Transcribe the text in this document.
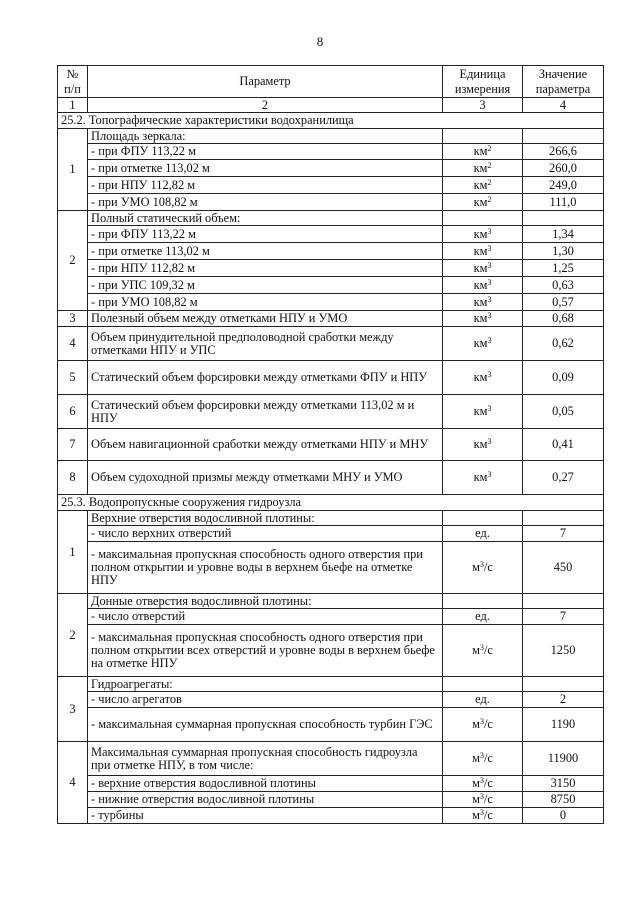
8
№
п/п	Параметр	Единица измерения	Значение параметра
1	2	3	4
25.2. Топографические характеристики водохранилища			
1	Площадь зеркала:		
	- при ФПУ 113,22 м	$км^2$	266,6
	- при отметке 113,02 м	$км^2$	260,0
	- при НПУ 112,82 м	$км^2$	249,0
	- при УМО 108,82 м	$км^2$	111,0
2	Полный статический объем:		
	- при ФПУ 113,22 м	$км^3$	1,34
	- при отметке 113,02 м	$км^3$	1,30
	- при НПУ 112,82 м	$км^3$	1,25
	- при УПС 109,32 м	$км^3$	0,63
	- при УМО 108,82 м	$км^3$	0,57
3	Полезный объем между отметками НПУ и УМО	$км^3$	0,68
4	Объем принудительной предполоводной сработки между отметками НПУ и УПС	$км^3$	0,62
5	Статический объем форсировки между отметками ФПУ и НПУ	$км^3$	0,09
6	Статический объем форсировки между отметками 113,02 м и НПУ	$км^3$	0,05
7	Объем навигационной сработки между отметками НПУ и МНУ	$км^3$	0,41
8	Объем судоходной призмы между отметками МНУ и УМО	$км^3$	0,27
25.3. Водопропускные сооружения гидроузла			
1	Верхние отверстия водосливной плотины:		
	- число верхних отверстий	ед.	7
	- максимальная пропускная способность одного отверстия при полном открытии и уровне воды в верхнем бьефе на отметке НПУ	$м^3/с$	450
2	Донные отверстия водосливной плотины:		
	- число отверстий	ед.	7
	- максимальная пропускная способность одного отверстия при полном открытии всех отверстий и уровне воды в верхнем бьефе на отметке НПУ	$м^3/с$	1250
3	Гидроагрегаты:		
	- число агрегатов	ед.	2
	- максимальная суммарная пропускная способность турбин ГЭС	$м^3/с$	1190
4	Максимальная суммарная пропускная способность гидроузла при отметке НПУ, в том числе:	$м^3/с$	11900
	- верхние отверстия водосливной плотины	$м^3/с$	3150
	- нижние отверстия водосливной плотины	$м^3/с$	8750
	- турбины	$м^3/с$	0
